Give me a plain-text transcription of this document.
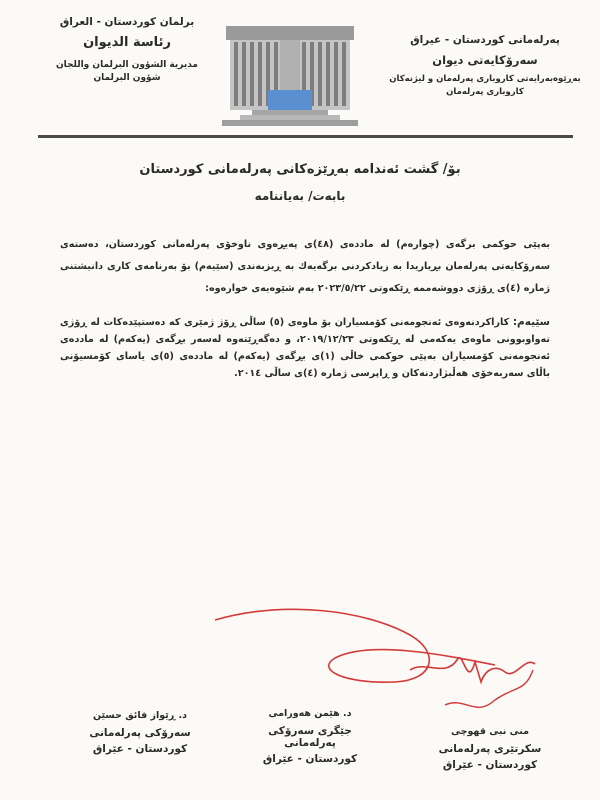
برلمان كوردستان - العراق
رئاسة الديوان
مديرية الشؤون البرلمان واللجان
شؤون البرلمان
پەرلەمانی كوردستان - عیراق
سەرۆكایەتی دیوان
بەڕێوەبەرایەتی كاروباری پەرلەمان و لیژنەكان
كاروباری پەرلەمان
بۆ/ گشت ئەندامە بەڕێزەكانی پەرلەمانی كوردستان
بابەت/ بەیاننامە

بەپێی حوكمی برگەی (چوارەم) لە ماددەی (٤٨)ی پەیڕەوی ناوخۆی پەرلەمانی كوردستان، دەستەی سەرۆكایەتی پەرلەمان بڕیاریدا بە زیادكردنی برگەیەك بە ڕیزبەندی (سێیەم) بۆ بەرنامەی كاری دانیشتنی ژمارە (٤)ی ڕۆژی دووشەممە ڕێكەوتی ٢٠٢٣/٥/٢٢ بەم شێوەیەی خوارەوە:

سێیەم: كاراكردنەوەی ئەنجومەنی كۆمسیاران بۆ ماوەی (٥) ساڵی ڕۆژ ژمێری كە دەستپێدەكات لە ڕۆژی تەواوبوونی ماوەی یەكەمی لە ڕێكەوتی ٢٠١٩/١٢/٢٣، و دەگەڕێتەوە لەسەر بڕگەی (یەكەم) لە ماددەی ئەنجومەنی كۆمسیاران بەپێی حوكمی خاڵی (١)ی بڕگەی (یەكەم) لە ماددەی (٥)ی یاسای كۆمسیۆنی باڵای سەربەخۆی هەڵبژاردنەكان و ڕاپرسی ژمارە (٤)ی ساڵی ٢٠١٤.

د. ڕێواز فائق حسێن
سەرۆكی پەرلەمانی
كوردستان - عێراق
د. هێمن هەورامی
جێگری سەرۆكی پەرلەمانی
كوردستان - عێراق
منى نبی قهوچی
سكرتێری پەرلەمانی
كوردستان - عێراق
